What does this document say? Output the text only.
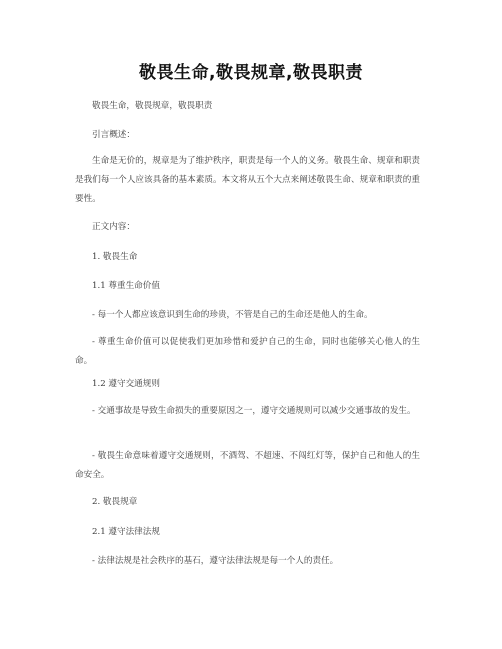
敬畏生命,敬畏规章,敬畏职责
敬畏生命，敬畏规章，敬畏职责
引言概述：
生命是无价的，规章是为了维护秩序，职责是每一个人的义务。敬畏生命、规章和职责是我们每一个人应该具备的基本素质。本文将从五个大点来阐述敬畏生命、规章和职责的重要性。
正文内容：
1. 敬畏生命
1.1 尊重生命价值
- 每一个人都应该意识到生命的珍贵，不管是自己的生命还是他人的生命。
- 尊重生命价值可以促使我们更加珍惜和爱护自己的生命，同时也能够关心他人的生命。
1.2 遵守交通规则
- 交通事故是导致生命损失的重要原因之一，遵守交通规则可以减少交通事故的发生。
- 敬畏生命意味着遵守交通规则，不酒驾、不超速、不闯红灯等，保护自己和他人的生命安全。
2. 敬畏规章
2.1 遵守法律法规
- 法律法规是社会秩序的基石，遵守法律法规是每一个人的责任。
